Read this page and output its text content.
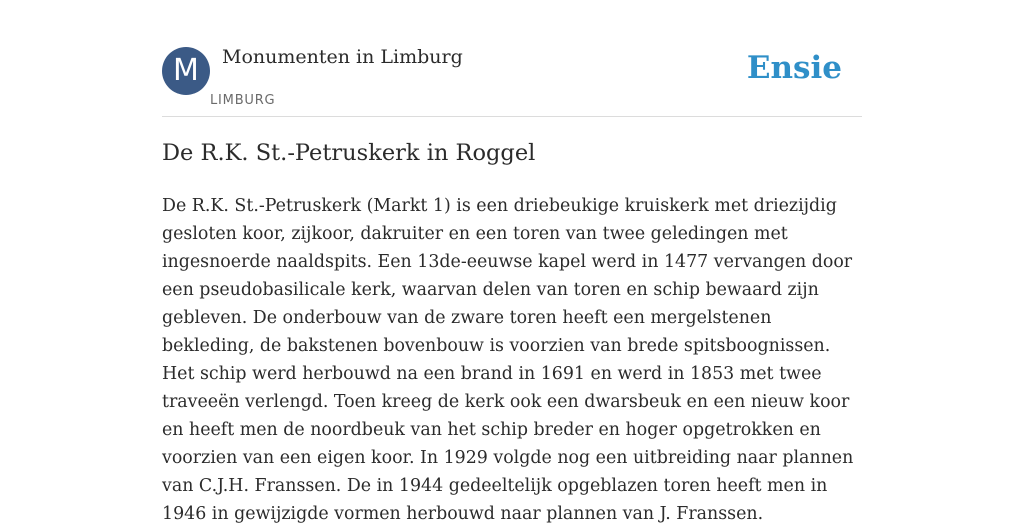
M	Monumenten in Limburg
LIMBURG
Ensie
De R.K. St.-Petruskerk in Roggel

De R.K. St.-Petruskerk (Markt 1) is een driebeukige kruiskerk met driezijdig gesloten koor, zijkoor, dakruiter en een toren van twee geledingen met ingesnoerde naaldspits. Een 13de-eeuwse kapel werd in 1477 vervangen door een pseudobasilicale kerk, waarvan delen van toren en schip bewaard zijn gebleven. De onderbouw van de zware toren heeft een mergelstenen bekleding, de bakstenen bovenbouw is voorzien van brede spitsboognissen. Het schip werd herbouwd na een brand in 1691 en werd in 1853 met twee traveeën verlengd. Toen kreeg de kerk ook een dwarsbeuk en een nieuw koor en heeft men de noordbeuk van het schip breder en hoger opgetrokken en voorzien van een eigen koor. In 1929 volgde nog een uitbreiding naar plannen van C.J.H. Franssen. De in 1944 gedeeltelijk opgeblazen toren heeft men in 1946 in gewijzigde vormen herbouwd naar plannen van J. Franssen.
